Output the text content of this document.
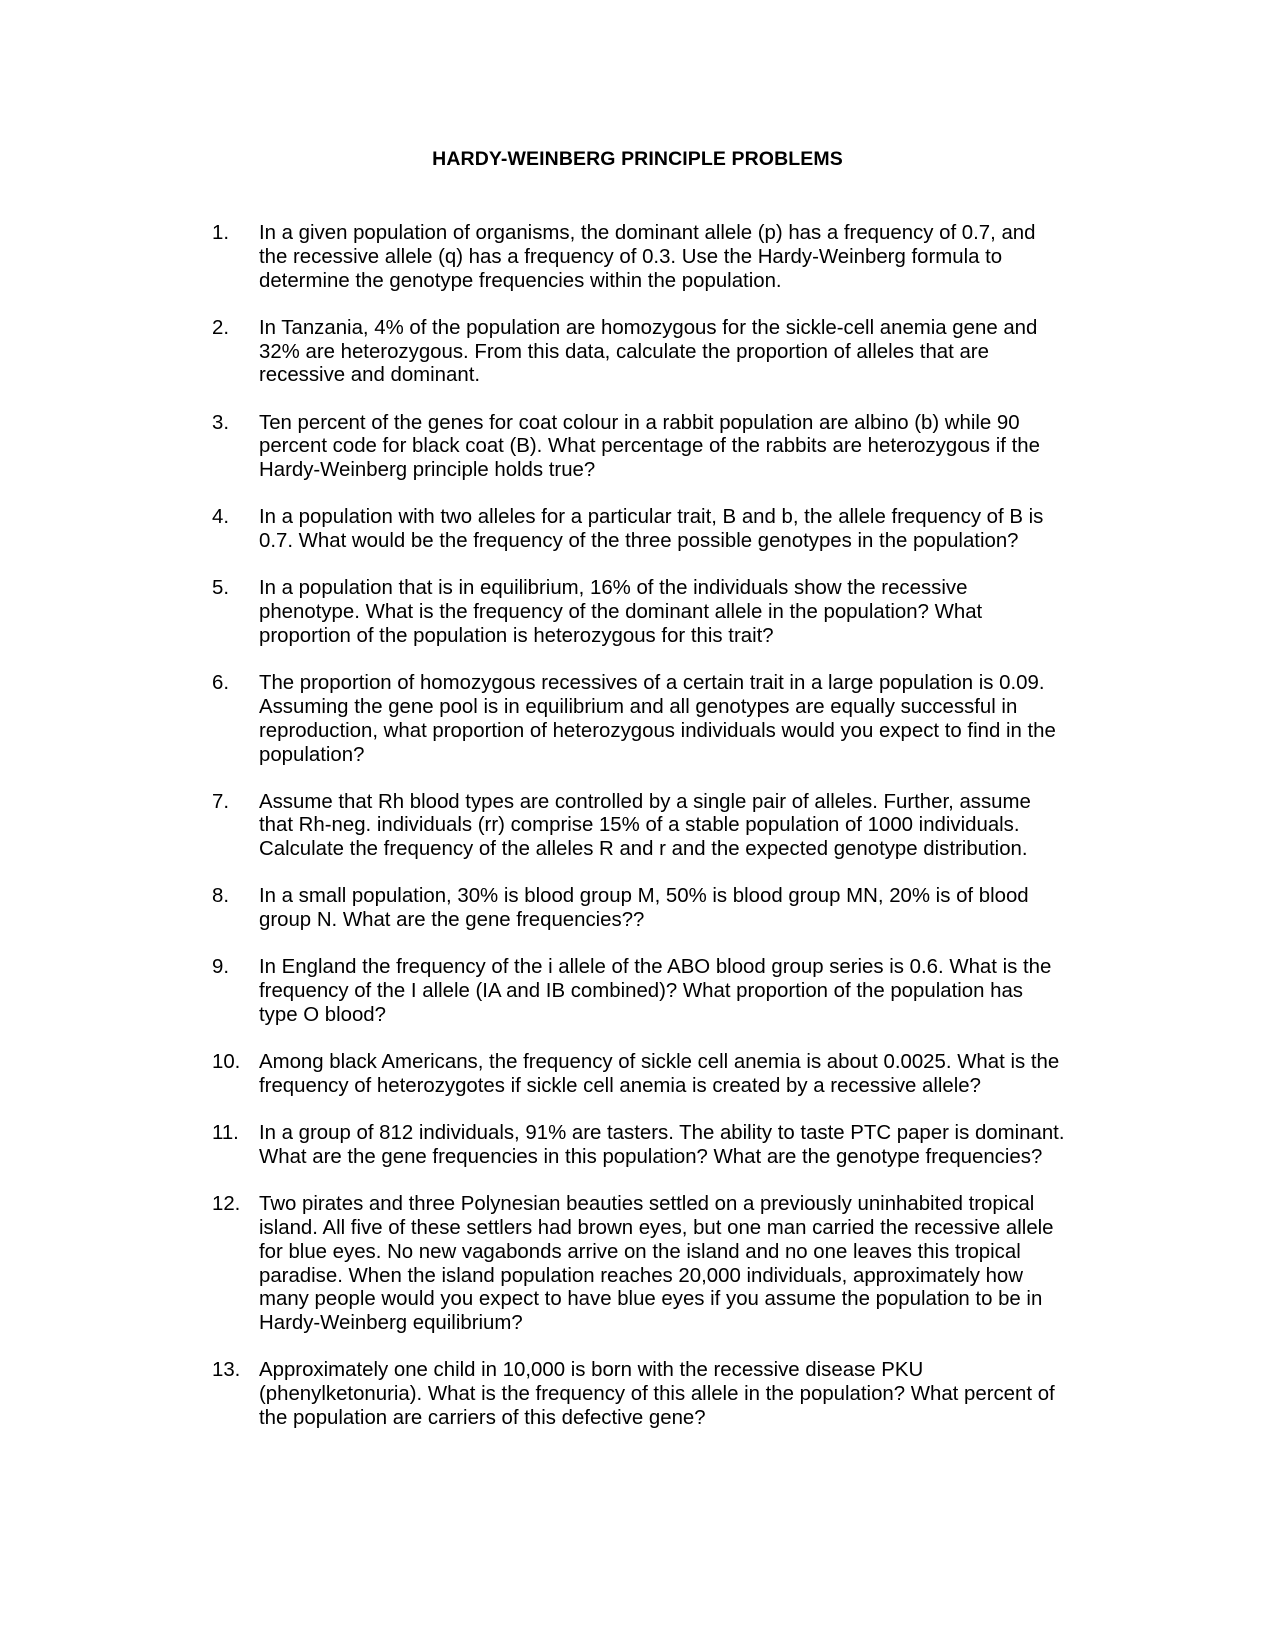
HARDY-WEINBERG PRINCIPLE PROBLEMS
1.	In a given population of organisms, the dominant allele (p) has a frequency of 0.7, and
the recessive allele (q) has a frequency of 0.3. Use the Hardy-Weinberg formula to
determine the genotype frequencies within the population.
2.	In Tanzania, 4% of the population are homozygous for the sickle-cell anemia gene and
32% are heterozygous. From this data, calculate the proportion of alleles that are
recessive and dominant.
3.	Ten percent of the genes for coat colour in a rabbit population are albino (b) while 90
percent code for black coat (B). What percentage of the rabbits are heterozygous if the
Hardy-Weinberg principle holds true?
4.	In a population with two alleles for a particular trait, B and b, the allele frequency of B is
0.7. What would be the frequency of the three possible genotypes in the population?
5.	In a population that is in equilibrium, 16% of the individuals show the recessive
phenotype. What is the frequency of the dominant allele in the population? What
proportion of the population is heterozygous for this trait?
6.	The proportion of homozygous recessives of a certain trait in a large population is 0.09.
Assuming the gene pool is in equilibrium and all genotypes are equally successful in
reproduction, what proportion of heterozygous individuals would you expect to find in the
population?
7.	Assume that Rh blood types are controlled by a single pair of alleles. Further, assume
that Rh-neg. individuals (rr) comprise 15% of a stable population of 1000 individuals.
Calculate the frequency of the alleles R and r and the expected genotype distribution.
8.	In a small population, 30% is blood group M, 50% is blood group MN, 20% is of blood
group N. What are the gene frequencies??
9.	In England the frequency of the i allele of the ABO blood group series is 0.6. What is the
frequency of the I allele (IA and IB combined)? What proportion of the population has
type O blood?
10. Among black Americans, the frequency of sickle cell anemia is about 0.0025. What is the
frequency of heterozygotes if sickle cell anemia is created by a recessive allele?
11. In a group of 812 individuals, 91% are tasters. The ability to taste PTC paper is dominant.
What are the gene frequencies in this population? What are the genotype frequencies?
12. Two pirates and three Polynesian beauties settled on a previously uninhabited tropical
island. All five of these settlers had brown eyes, but one man carried the recessive allele
for blue eyes. No new vagabonds arrive on the island and no one leaves this tropical
paradise. When the island population reaches 20,000 individuals, approximately how
many people would you expect to have blue eyes if you assume the population to be in
Hardy-Weinberg equilibrium?
13. Approximately one child in 10,000 is born with the recessive disease PKU
(phenylketonuria). What is the frequency of this allele in the population? What percent of
the population are carriers of this defective gene?
